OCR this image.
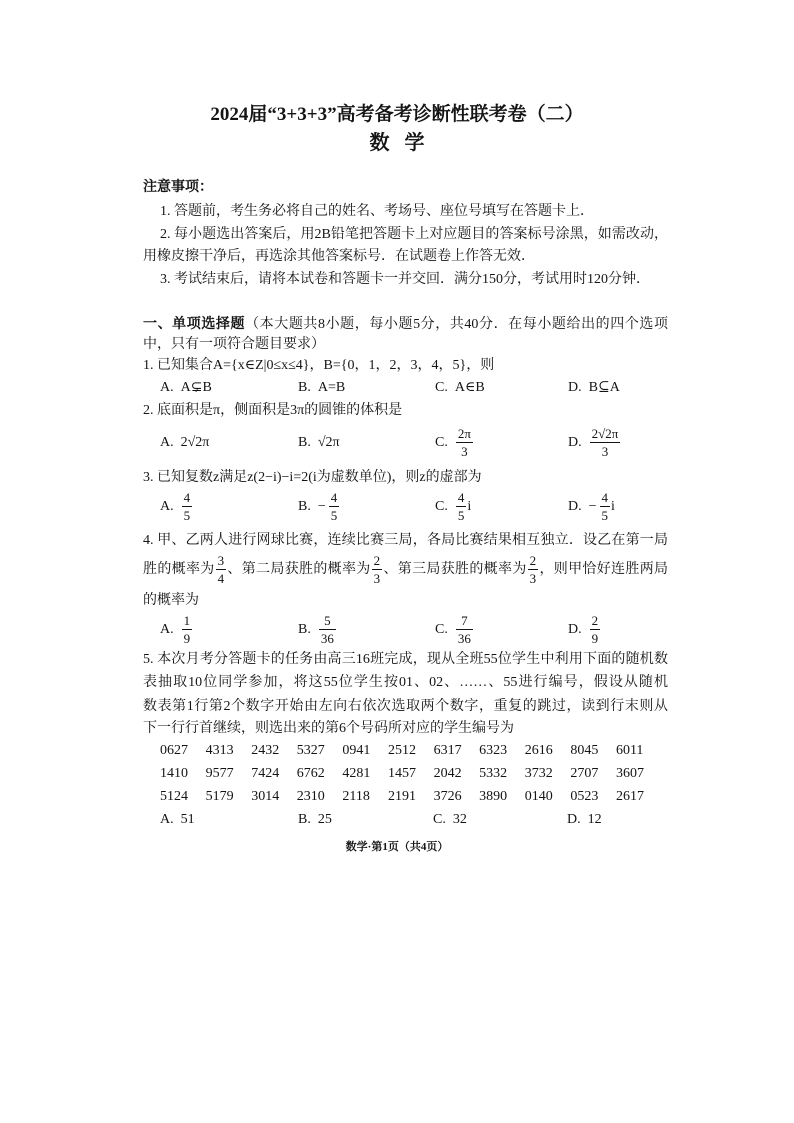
2024届“3+3+3”高考备考诊断性联考卷（二）
数 学
注意事项：
1. 答题前，考生务必将自己的姓名、考场号、座位号填写在答题卡上．
2. 每小题选出答案后，用2B铅笔把答题卡上对应题目的答案标号涂黑，如需改动，
用橡皮擦干净后，再选涂其他答案标号．在试题卷上作答无效．
3. 考试结束后，请将本试卷和答题卡一并交回．满分150分，考试用时120分钟．
一、单项选择题（本大题共8小题，每小题5分，共40分．在每小题给出的四个选项
中，只有一项符合题目要求）
1. 已知集合A={x∈Z|0≤x≤4}，B={0，1，2，3，4，5}，则
A. A⊊B	B. A=B	C. A∈B	D. B⊆A
2. 底面积是π，侧面积是3π的圆锥的体积是
A. 2√2π	B. √2π	C. $\frac{2\pi}{3}$	D. $\frac{2√2\pi}{3}$
3. 已知复数z满足z(2−i)−i=2(i为虚数单位)，则z的虚部为
A. $\frac{4}{5}$	B. − $\frac{4}{5}$	C. $\frac{4}{5}$ i	D. − $\frac{4}{5}$ i
4. 甲、乙两人进行网球比赛，连续比赛三局，各局比赛结果相互独立．设乙在第一局
胜的概率为 $\frac{3}{4}$ 、第二局获胜的概率为 $\frac{2}{3}$ 、第三局获胜的概率为 $\frac{2}{3}$ ，则甲恰好连胜两局
的概率为
A. $\frac{1}{9}$	B. $\frac{5}{36}$	C. $\frac{7}{36}$	D. $\frac{2}{9}$
5. 本次月考分答题卡的任务由高三16班完成，现从全班55位学生中利用下面的随机数
表抽取10位同学参加，将这55位学生按01、02、……、55进行编号，假设从随机
数表第1行第2个数字开始由左向右依次选取两个数字，重复的跳过，读到行末则从
下一行行首继续，则选出来的第6个号码所对应的学生编号为
0627	4313	2432	5327	0941	2512	6317	6323	2616	8045	6011
1410	9577	7424	6762	4281	1457	2042	5332	3732	2707	3607
5124	5179	3014	2310	2118	2191	3726	3890	0140	0523	2617
A. 51	B. 25	C. 32	D. 12
数学·第1页（共4页）
